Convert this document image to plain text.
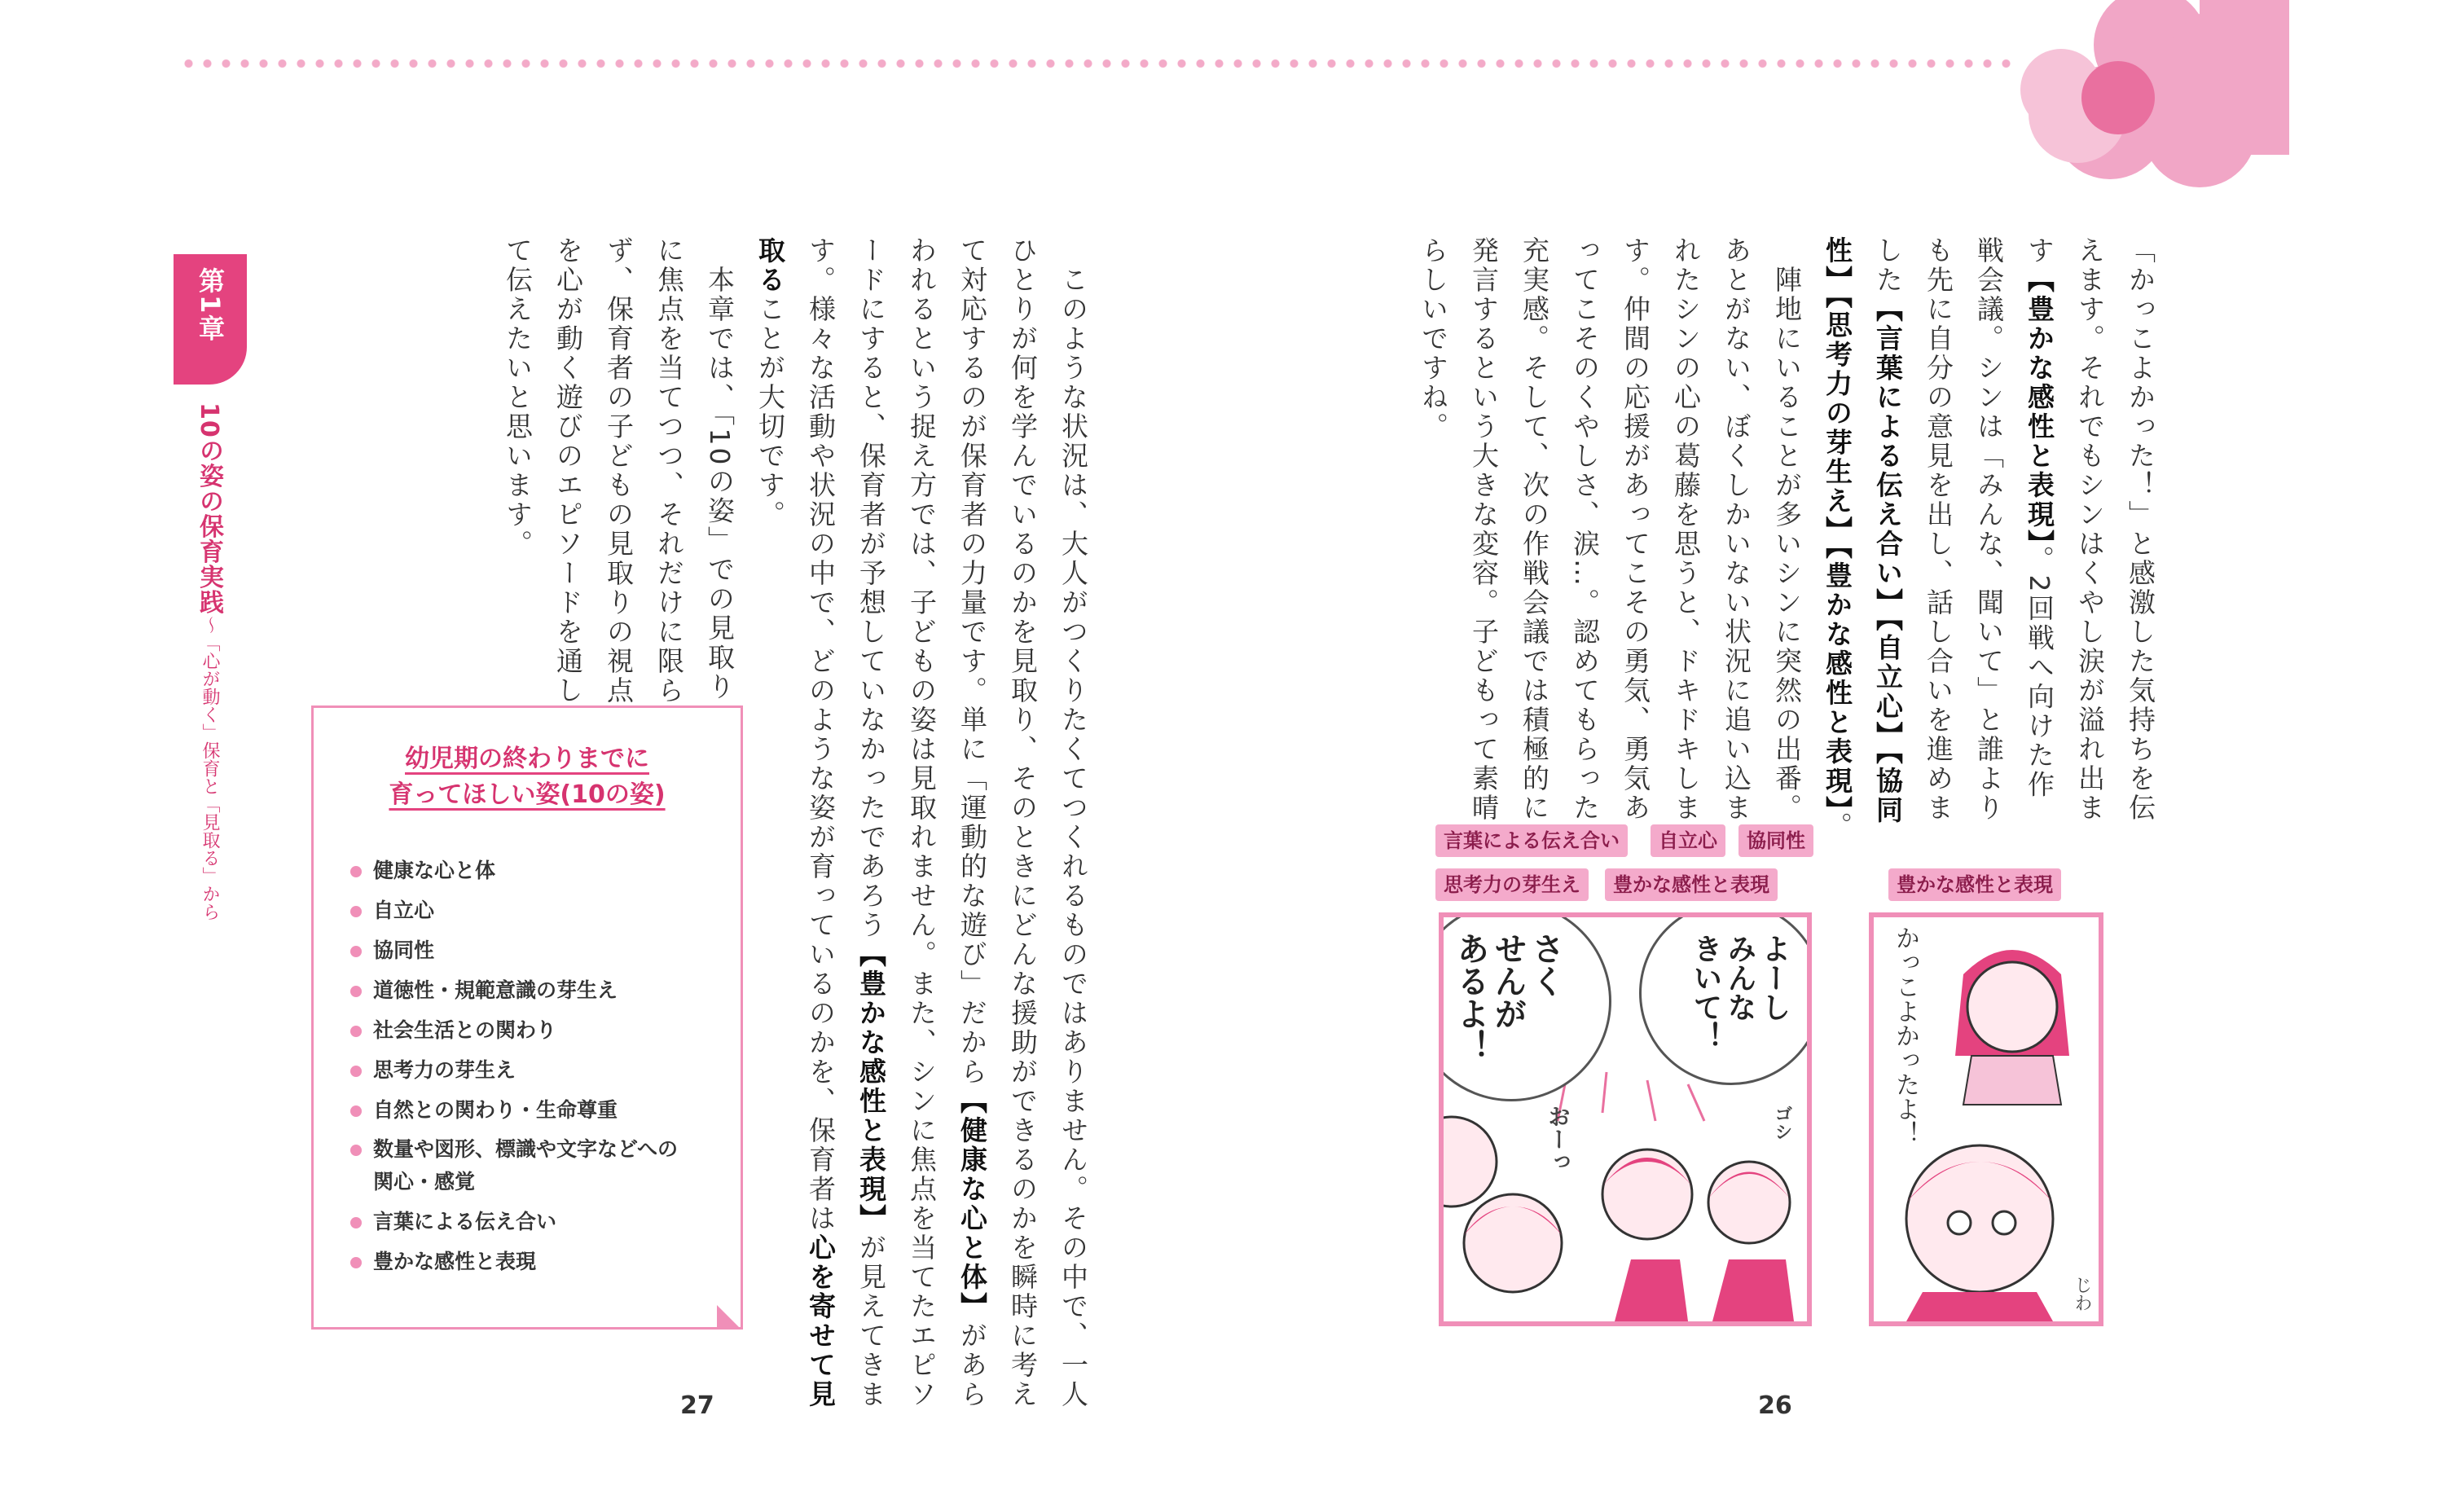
第1章
10の姿の保育実践
〜「心が動く」保育と「見取る」から	「かっこよかった！」と感激した気持ちを伝
えます。それでもシンはくやし涙が溢れ出ま
す【豊かな感性と表現】。2回戦へ向けた作
戦会議。シンは「みんな、聞いて」と誰より
も先に自分の意見を出し、話し合いを進めま
した【言葉による伝え合い】【自立心】【協同
性】【思考力の芽生え】【豊かな感性と表現】。
　陣地にいることが多いシンに突然の出番。
あとがない、ぼくしかいない状況に追い込ま
れたシンの心の葛藤を思うと、ドキドキしま
す。仲間の応援があってこその勇気、勇気あ
ってこそのくやしさ、涙…。認めてもらった
充実感。そして、次の作戦会議では積極的に
発言するという大きな変容。子どもって素晴
らしいですね。
　このような状況は、大人がつくりたくてつくれるものではありません。その中で、一人
ひとりが何を学んでいるのかを見取り、そのときにどんな援助ができるのかを瞬時に考え
て対応するのが保育者の力量です。単に「運動的な遊び」だから【健康な心と体】があら
われるという捉え方では、子どもの姿は見取れません。また、シンに焦点を当てたエピソ
ードにすると、保育者が予想していなかったであろう【豊かな感性と表現】が見えてきま
す。様々な活動や状況の中で、どのような姿が育っているのかを、保育者は心を寄せて見
取ることが大切です。
　本章では、「10の姿」での見取り
に焦点を当てつつ、それだけに限ら
ず、保育者の子どもの見取りの視点
を心が動く遊びのエピソードを通し
て伝えたいと思います。
幼児期の終わりまでに
育ってほしい姿(10の姿)
健康な心と体
自立心
協同性
道徳性・規範意識の芽生え
社会生活との関わり
思考力の芽生え
自然との関わり・生命尊重
数量や図形、標識や文字などへの
関心・感覚
言葉による伝え合い
豊かな感性と表現
言葉による伝え合い	自立心	協同性
思考力の芽生え	豊かな感性と表現	豊かな感性と表現
よーし
みんな
きいて！
さく
せんが
あるよ！
ゴシ
おーっ	かっこよかったよ！
じわ
27	26
